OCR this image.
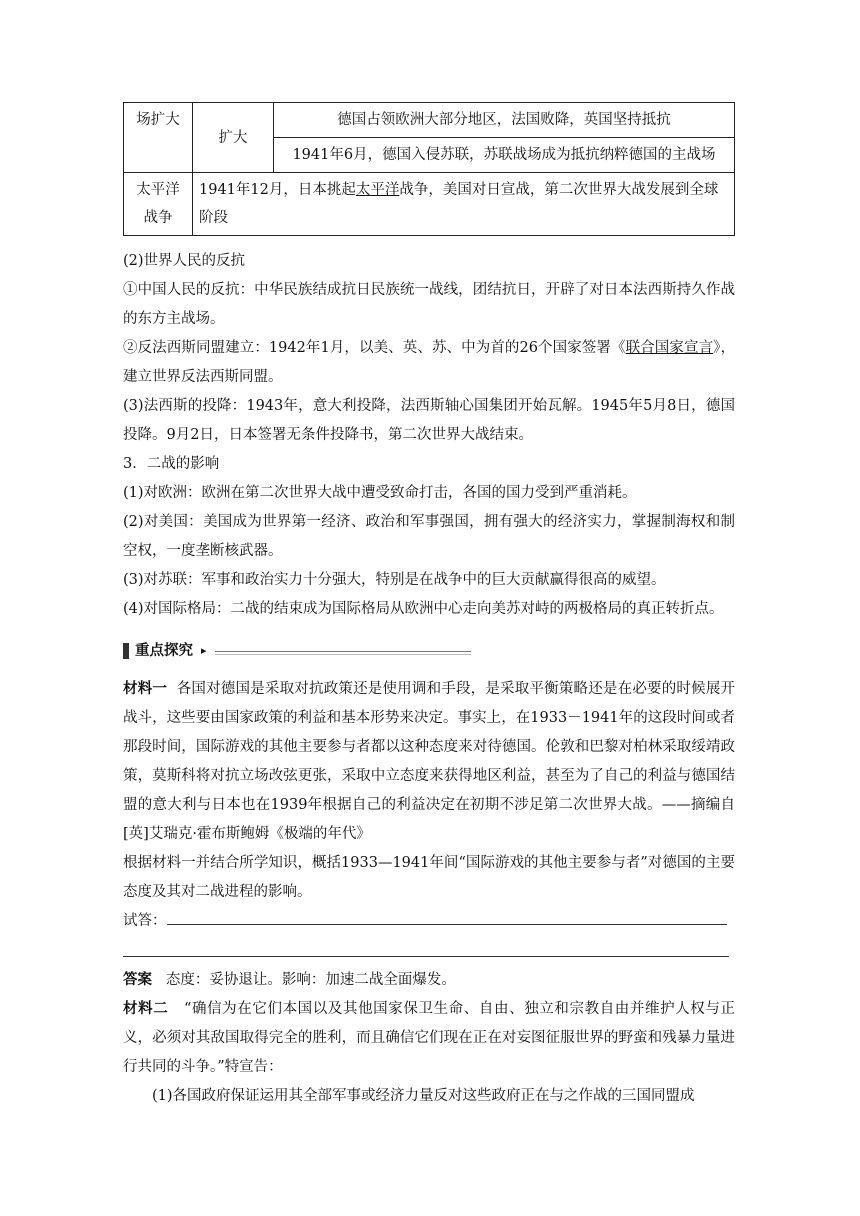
场扩大	扩大	德国占领欧洲大部分地区，法国败降，英国坚持抵抗
		1941年6月，德国入侵苏联，苏联战场成为抵抗纳粹德国的主战场
太平洋
战争	1941年12月，日本挑起太平洋战争，美国对日宣战，第二次世界大战发展到全球阶段	

(2)世界人民的反抗

①中国人民的反抗：中华民族结成抗日民族统一战线，团结抗日，开辟了对日本法西斯持久作战的东方主战场。

②反法西斯同盟建立：1942年1月，以美、英、苏、中为首的26个国家签署《联合国家宣言》，建立世界反法西斯同盟。

(3)法西斯的投降：1943年，意大利投降，法西斯轴心国集团开始瓦解。1945年5月8日，德国投降。9月2日，日本签署无条件投降书，第二次世界大战结束。

3．二战的影响

(1)对欧洲：欧洲在第二次世界大战中遭受致命打击，各国的国力受到严重消耗。

(2)对美国：美国成为世界第一经济、政治和军事强国，拥有强大的经济实力，掌握制海权和制空权，一度垄断核武器。

(3)对苏联：军事和政治实力十分强大，特别是在战争中的巨大贡献赢得很高的威望。

(4)对国际格局：二战的结束成为国际格局从欧洲中心走向美苏对峙的两极格局的真正转折点。

重点探究 ▸

材料一 各国对德国是采取对抗政策还是使用调和手段，是采取平衡策略还是在必要的时候展开战斗，这些要由国家政策的利益和基本形势来决定。事实上，在1933－1941年的这段时间或者那段时间，国际游戏的其他主要参与者都以这种态度来对待德国。伦敦和巴黎对柏林采取绥靖政策，莫斯科将对抗立场改弦更张，采取中立态度来获得地区利益，甚至为了自己的利益与德国结盟的意大利与日本也在1939年根据自己的利益决定在初期不涉足第二次世界大战。——摘编自[英]艾瑞克·霍布斯鲍姆《极端的年代》

根据材料一并结合所学知识，概括1933—1941年间“国际游戏的其他主要参与者”对德国的主要态度及其对二战进程的影响。

试答：

答案 态度：妥协退让。影响：加速二战全面爆发。

材料二 “确信为在它们本国以及其他国家保卫生命、自由、独立和宗教自由并维护人权与正义，必须对其敌国取得完全的胜利，而且确信它们现在正在对妄图征服世界的野蛮和残暴力量进行共同的斗争。”特宣告：

(1)各国政府保证运用其全部军事或经济力量反对这些政府正在与之作战的三国同盟成
